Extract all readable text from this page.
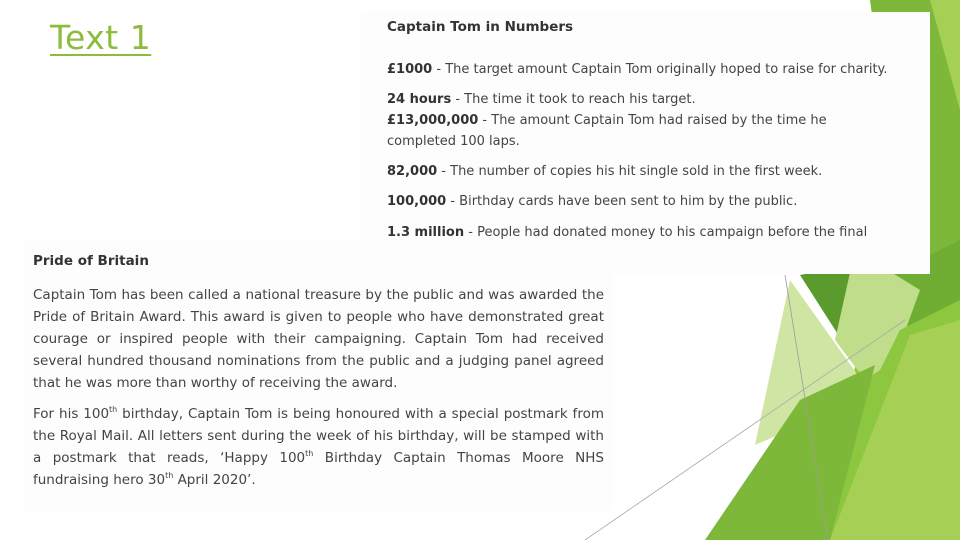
Text 1	Captain Tom in Numbers
£1000 - The target amount Captain Tom originally hoped to raise for charity.
24 hours - The time it took to reach his target.
£13,000,000 - The amount Captain Tom had raised by the time he completed 100 laps.
82,000 - The number of copies his hit single sold in the first week.
100,000 - Birthday cards have been sent to him by the public.
1.3 million - People had donated money to his campaign before the final
Pride of Britain
Captain Tom has been called a national treasure by the public and was awarded the Pride of Britain Award. This award is given to people who have demonstrated great courage or inspired people with their campaigning. Captain Tom had received several hundred thousand nominations from the public and a judging panel agreed that he was more than worthy of receiving the award.
For his 100th birthday, Captain Tom is being honoured with a special postmark from the Royal Mail. All letters sent during the week of his birthday, will be stamped with a postmark that reads, ‘Happy 100th Birthday Captain Thomas Moore NHS fundraising hero 30th April 2020’.
